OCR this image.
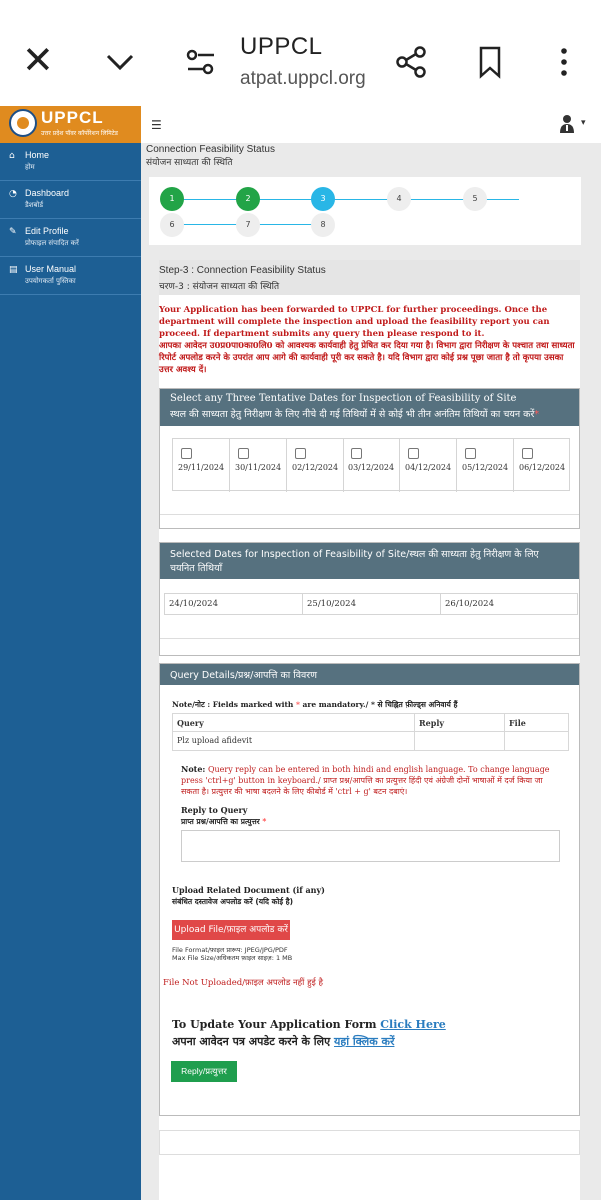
✕	UPPCL
atpat.uppcl.org
UPPCL
उत्तर प्रदेश पॉवर कॉर्पोरेशन लिमिटेड
⌂ Home
होम
◔ Dashboard
डैशबोर्ड
✎ Edit Profile
प्रोफाइल संपादित करें
▤ User Manual
उपयोगकर्ता पुस्तिका
☰	▾
Connection Feasibility Status
संयोजन साध्यता की स्थिति
1	2	3	4	5
6	7	8
Step-3 : Connection Feasibility Status
चरण-3 : संयोजन साध्यता की स्थिति
Your Application has been forwarded to UPPCL for further proceedings. Once the department will complete the inspection and upload the feasibility report you can proceed. If department submits any query then please respond to it.
आपका आवेदन उ0प्र0पा0का0लि0 को आवश्यक कार्यवाही हेतु प्रेषित कर दिया गया है। विभाग द्वारा निरीक्षण के पश्चात तथा साध्यता रिपोर्ट अपलोड करने के उपरांत आप आगे की कार्यवाही पूरी कर सकते है। यदि विभाग द्वारा कोई प्रश्न पूछा जाता है तो कृपया उसका उत्तर अवश्य दें।
Select any Three Tentative Dates for Inspection of Feasibility of Site
स्थल की साध्यता हेतु निरीक्षण के लिए नीचे दी गई तिथियों में से कोई भी तीन अनंतिम तिथियों का चयन करें*
29/11/2024 30/11/2024 02/12/2024 03/12/2024 04/12/2024 05/12/2024 06/12/2024
Selected Dates for Inspection of Feasibility of Site/स्थल की साध्यता हेतु निरीक्षण के लिए
चयनित तिथियाँ
24/10/2024	25/10/2024	26/10/2024
Query Details/प्रश्न/आपत्ति का विवरण
Note/नोट : Fields marked with * are mandatory./ * से चिह्नित फ़ील्ड्स अनिवार्य हैं
Query	Reply	File
Plz upload afidevit
Note: Query reply can be entered in both hindi and english language. To change language press 'ctrl+g' button in keyboard./ प्राप्त प्रश्न/आपत्ति का प्रत्युत्तर हिंदी एवं अंग्रेजी दोनों भाषाओं में दर्ज किया जा सकता है। प्रत्युत्तर की भाषा बदलने के लिए कीबोर्ड में 'ctrl + g' बटन दबाएं।
Reply to Query
प्राप्त प्रश्न/आपत्ति का प्रत्युत्तर *
Upload Related Document (if any)
संबंधित दस्तावेज अपलोड करें (यदि कोई है)
Upload File/फ़ाइल अपलोड करें
File Format/फ़ाइल प्रारूप: JPEG/JPG/PDF
Max File Size/अधिकतम फ़ाइल साइज़: 1 MB
File Not Uploaded/फ़ाइल अपलोड नहीं हुई है
To Update Your Application Form Click Here
अपना आवेदन पत्र अपडेट करने के लिए यहां क्लिक करें
Reply/प्रत्युत्तर
